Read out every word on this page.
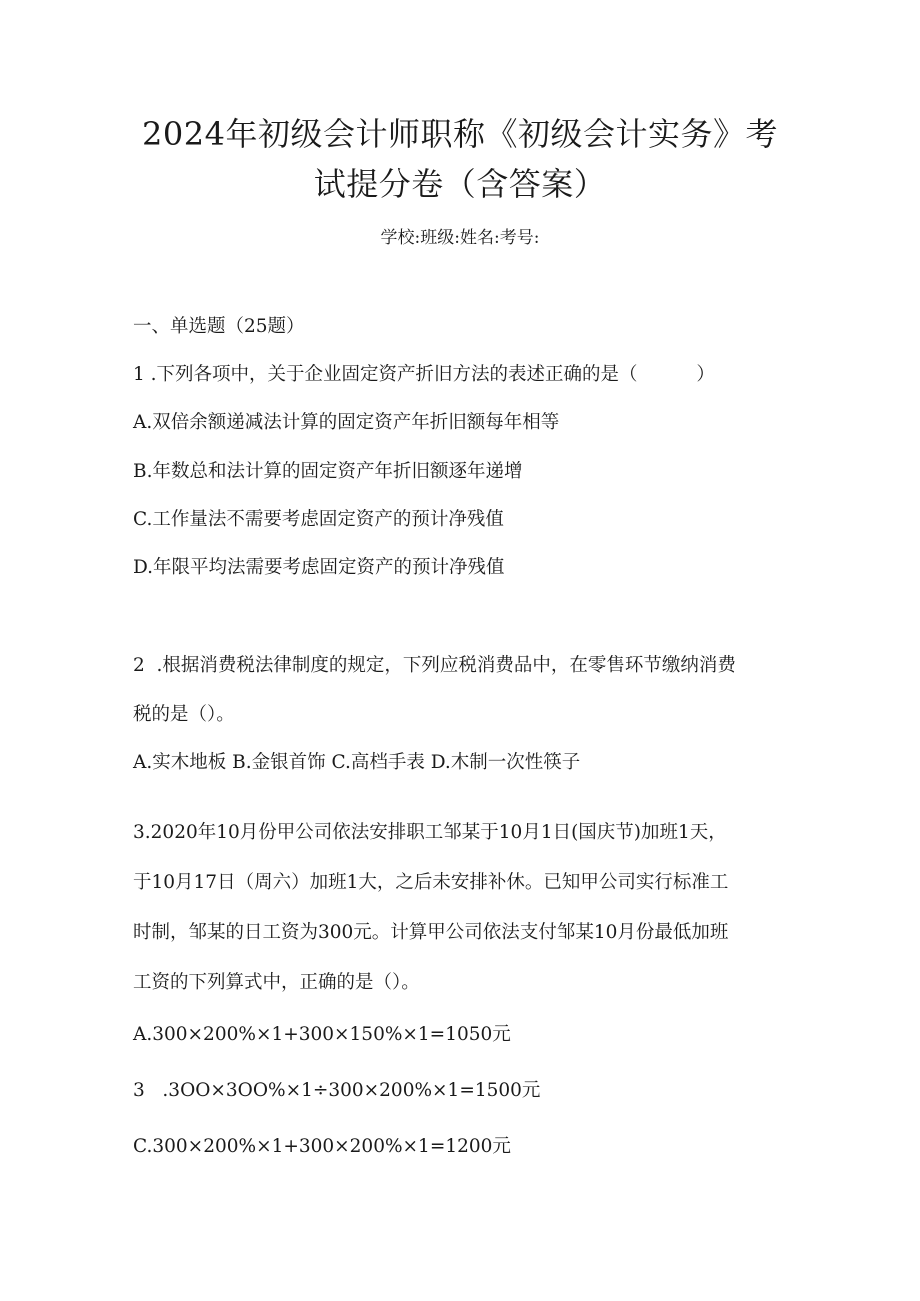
2024年初级会计师职称《初级会计实务》考
试提分卷（含答案）
学校:班级:姓名:考号:
一、单选题（25题）
1 .下列各项中，关于企业固定资产折旧方法的表述正确的是（          ）
A.双倍余额递减法计算的固定资产年折旧额每年相等
B.年数总和法计算的固定资产年折旧额逐年递增
C.工作量法不需要考虑固定资产的预计净残值
D.年限平均法需要考虑固定资产的预计净残值
2  .根据消费税法律制度的规定，下列应税消费品中，在零售环节缴纳消费
税的是（）。
A.实木地板 B.金银首饰 C.高档手表 D.木制一次性筷子
3.2020年10月份甲公司依法安排职工邹某于10月1日(国庆节)加班1天，
于10月17日（周六）加班1大，之后未安排补休。已知甲公司实行标准工
时制，邹某的日工资为300元。计算甲公司依法支付邹某10月份最低加班
工资的下列算式中，正确的是（）。
A.300×200%×1+300×150%×1=1050元
3   .3OO×3OO%×1÷300×200%×1=1500元
C.300×200%×1+300×200%×1=1200元
